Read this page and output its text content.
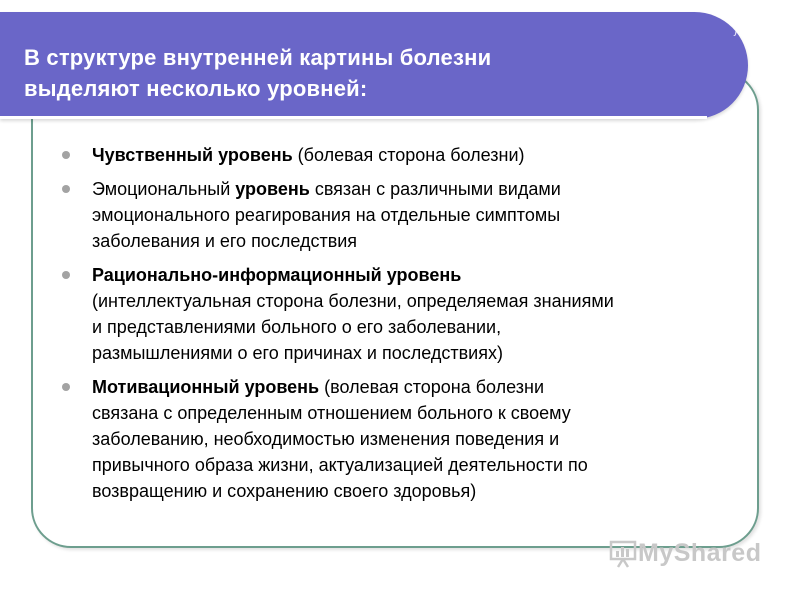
В структуре внутренней картины болезни
выделяют несколько уровней:
ль
ль
Чувственный уровень (болевая сторона болезни)
Эмоциональный уровень связан с различными видами
эмоционального реагирования на отдельные симптомы
заболевания и его последствия
Рационально-информационный уровень
(интеллектуальная сторона болезни, определяемая знаниями
и представлениями больного о его заболевании,
размышлениями о его причинах и последствиях)
Мотивационный уровень (волевая сторона болезни
связана с определенным отношением больного к своему
заболеванию, необходимостью изменения поведения и
привычного образа жизни, актуализацией деятельности по
возвращению и сохранению своего здоровья)
MyShared
